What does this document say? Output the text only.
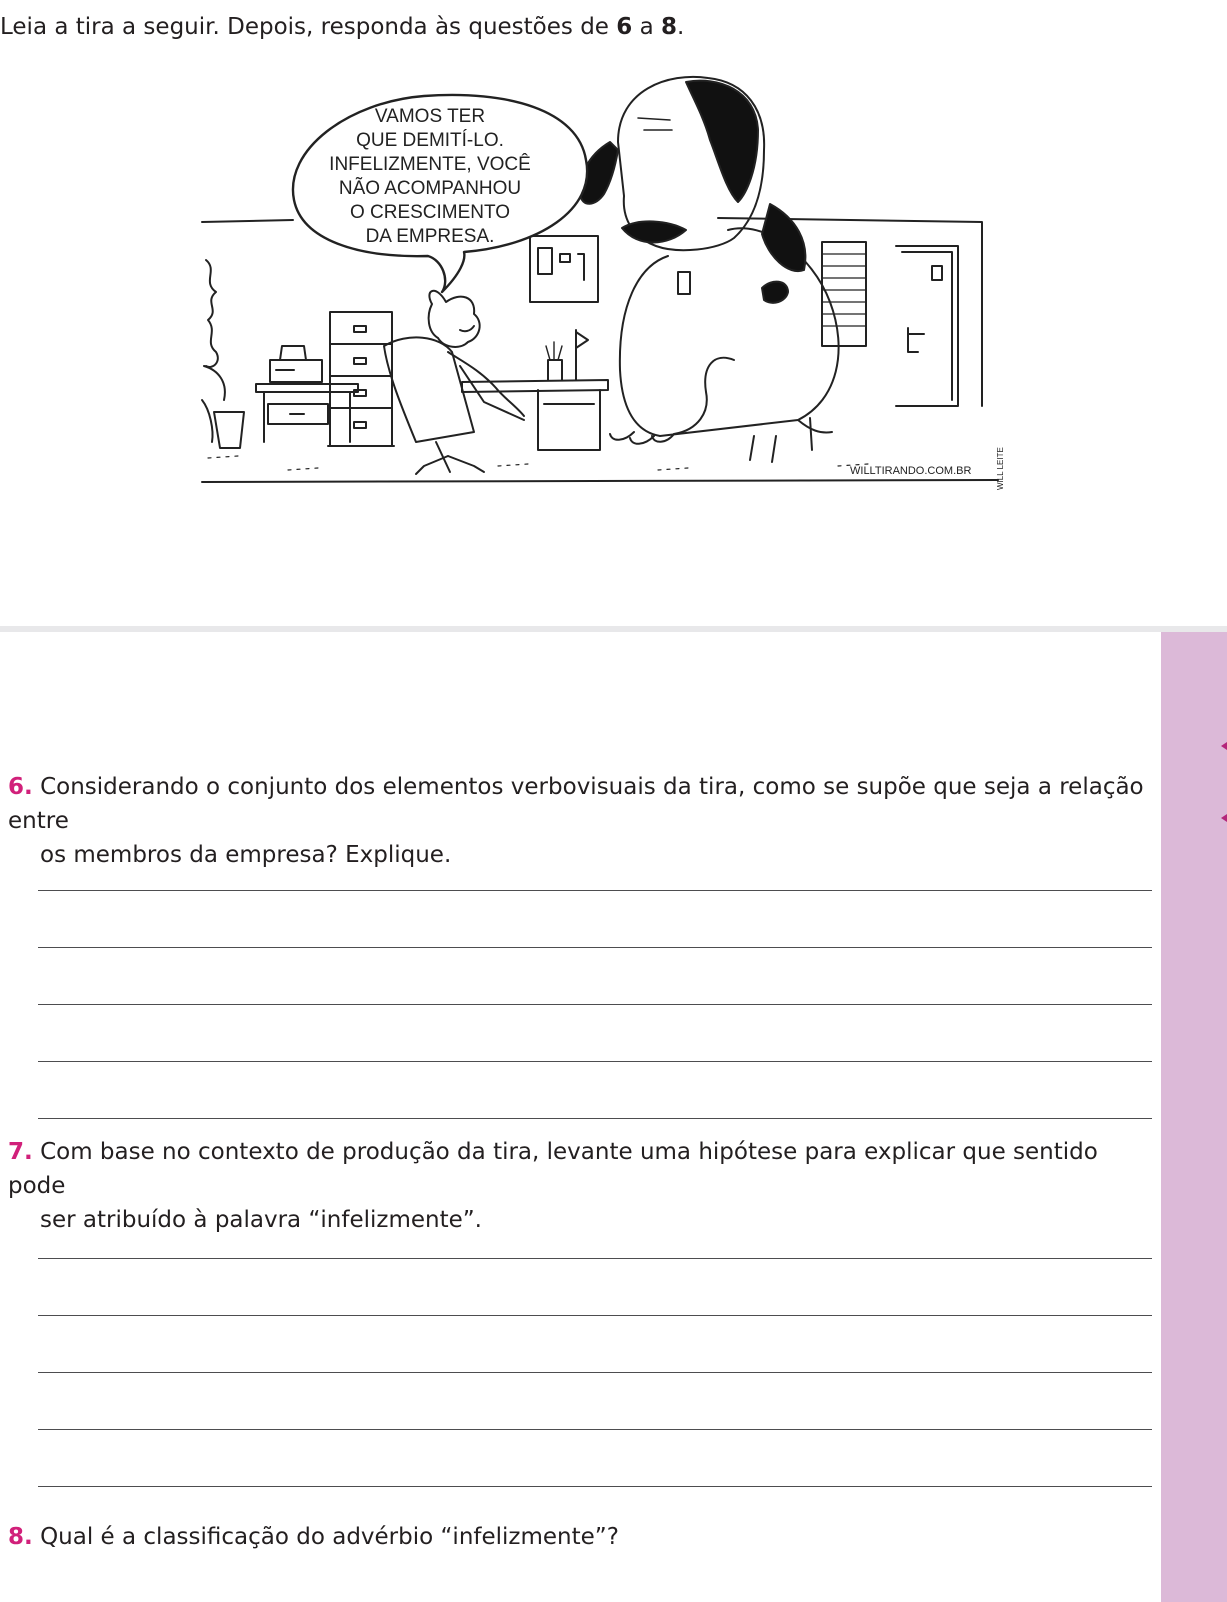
Leia a tira a seguir. Depois, responda às questões de 6 a 8.
VAMOS TER
QUE DEMITÍ-LO.
INFELIZMENTE, VOCÊ
NÃO ACOMPANHOU
O CRESCIMENTO
DA EMPRESA.
WILLTIRANDO.COM.BR	WILL LEITE
6. Considerando o conjunto dos elementos verbovisuais da tira, como se supõe que seja a relação entre
os membros da empresa? Explique.
7. Com base no contexto de produção da tira, levante uma hipótese para explicar que sentido pode
ser atribuído à palavra “infelizmente”.
8. Qual é a classificação do advérbio “infelizmente”?
